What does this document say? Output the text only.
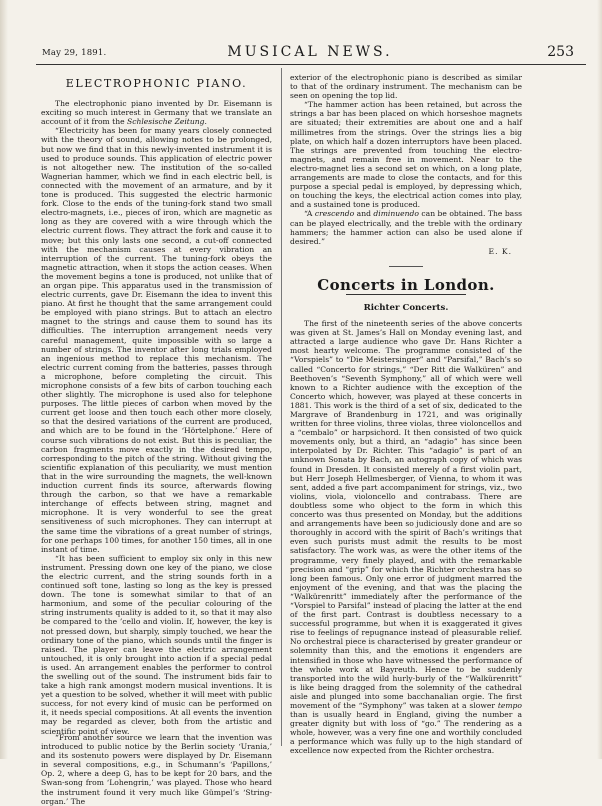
May 29, 1891.	MUSICAL NEWS.	253
ELECTROPHONIC PIANO.

The electrophonic piano invented by Dr. Eisemann is exciting so much interest in Germany that we translate an account of it from the Schlesische Zeitung.

“Electricity has been for many years closely connected with the theory of sound, allowing notes to be prolonged, but now we find that in this newly-invented instrument it is used to produce sounds. This application of electric power is not altogether new. The institution of the so-called Wagnerian hammer, which we find in each electric bell, is connected with the movement of an armature, and by it tone is produced. This suggested the electric harmonic fork. Close to the ends of the tuning-fork stand two small electro-magnets, i.e., pieces of iron, which are magnetic as long as they are covered with a wire through which the electric current flows. They attract the fork and cause it to move; but this only lasts one second, a cut-off connected with the mechanism causes at every vibration an interruption of the current. The tuning-fork obeys the magnetic attraction, when it stops the action ceases. When the movement begins a tone is produced, not unlike that of an organ pipe. This apparatus used in the transmission of electric currents, gave Dr. Eisemann the idea to invent this piano. At first he thought that the same arrangement could be employed with piano strings. But to attach an electro magnet to the strings and cause them to sound has its difficulties. The interruption arrangement needs very careful management, quite impossible with so large a number of strings. The inventor after long trials employed an ingenious method to replace this mechanism. The electric current coming from the batteries, passes through a microphone, before completing the circuit. This microphone consists of a few bits of carbon touching each other slightly. The microphone is used also for telephone purposes. The little pieces of carbon when moved by the current get loose and then touch each other more closely, so that the desired variations of the current are produced, and which are to be found in the ‘Hörtelphone.’ Here of course such vibrations do not exist. But this is peculiar, the carbon fragments move exactly in the desired tempo, corresponding to the pitch of the string. Without giving the scientific explanation of this peculiarity, we must mention that in the wire surrounding the magnets, the well-known induction current finds its source, afterwards flowing through the carbon, so that we have a remarkable interchange of effects between string, magnet and microphone. It is very wonderful to see the great sensitiveness of such microphones. They can interrupt at the same time the vibrations of a great number of strings, for one perhaps 100 times, for another 150 times, all in one instant of time.

“It has been sufficient to employ six only in this new instrument. Pressing down one key of the piano, we close the electric current, and the string sounds forth in a continued soft tone, lasting so long as the key is pressed down. The tone is somewhat similar to that of an harmonium, and some of the peculiar colouring of the string instruments quality is added to it, so that it may also be compared to the ’cello and violin. If, however, the key is not pressed down, but sharply, simply touched, we hear the ordinary tone of the piano, which sounds until the finger is raised. The player can leave the electric arrangement untouched, it is only brought into action if a special pedal is used. An arrangement enables the performer to control the swelling out of the sound. The instrument bids fair to take a high rank amongst modern musical inventions. It is yet a question to be solved, whether it will meet with public success, for not every kind of music can be performed on it, it needs special compositions. At all events the invention may be regarded as clever, both from the artistic and scientific point of view.

“From another source we learn that the invention was introduced to public notice by the Berlin society ‘Urania,’ and its sostenuto powers were displayed by Dr. Eisemann in several compositions, e.g., in Schumann’s ‘Papillons,’ Op. 2, where a deep G, has to be kept for 20 bars, and the Swan-song from ‘Lohengrin,’ was played. Those who heard the instrument found it very much like Gümpel’s ‘String-organ.’ The

exterior of the electrophonic piano is described as similar to that of the ordinary instrument. The mechanism can be seen on opening the top lid.

“The hammer action has been retained, but across the strings a bar has been placed on which horseshoe magnets are situated; their extremities are about one and a half millimetres from the strings. Over the strings lies a big plate, on which half a dozen interruptors have been placed. The strings are prevented from touching the electro-magnets, and remain free in movement. Near to the electro-magnet lies a second set on which, on a long plate, arrangements are made to close the contacts, and for this purpose a special pedal is employed, by depressing which, on touching the keys, the electrical action comes into play, and a sustained tone is produced.

“A crescendo and diminuendo can be obtained. The bass can be played electrically, and the treble with the ordinary hammers; the hammer action can also be used alone if desired.”

E. K.
Concerts in London.
Richter Concerts.

The first of the nineteenth series of the above concerts was given at St. James’s Hall on Monday evening last, and attracted a large audience who gave Dr. Hans Richter a most hearty welcome. The programme consisted of the “Vorspiels” to “Die Meistersinger” and “Parsifal,” Bach’s so called “Concerto for strings,” “Der Ritt die Walküren” and Beethoven’s “Seventh Symphony,” all of which were well known to a Richter audience with the exception of the Concerto which, however, was played at these concerts in 1881. This work is the third of a set of six, dedicated to the Margrave of Brandenburg in 1721, and was originally written for three violins, three violas, three violoncellos and a “cembalo” or harpsichord. It then consisted of two quick movements only, but a third, an “adagio” has since been interpolated by Dr. Richter. This “adagio” is part of an unknown Sonata by Bach, an autograph copy of which was found in Dresden. It consisted merely of a first violin part, but Herr Joseph Hellmesberger, of Vienna, to whom it was sent, added a five part accompaniment for strings, viz., two violins, viola, violoncello and contrabass. There are doubtless some who object to the form in which this concerto was thus presented on Monday, but the additions and arrangements have been so judiciously done and are so thoroughly in accord with the spirit of Bach’s writings that even such purists must admit the results to be most satisfactory. The work was, as were the other items of the programme, very finely played, and with the remarkable precision and “grip” for which the Richter orchestra has so long been famous. Only one error of judgment marred the enjoyment of the evening, and that was the placing the “Walkürenritt” immediately after the performance of the “Vorspiel to Parsifal” instead of placing the latter at the end of the first part. Contrast is doubtless necessary to a successful programme, but when it is exaggerated it gives rise to feelings of repugnance instead of pleasurable relief. No orchestral piece is characterised by greater grandeur or solemnity than this, and the emotions it engenders are intensified in those who have witnessed the performance of the whole work at Bayreuth. Hence to be suddenly transported into the wild hurly-burly of the “Walkürenritt” is like being dragged from the solemnity of the cathedral aisle and plunged into some bacchanalian orgie. The first movement of the “Symphony” was taken at a slower tempo than is usually heard in England, giving the number a greater dignity but with loss of “go.” The rendering as a whole, however, was a very fine one and worthily concluded a performance which was fully up to the high standard of excellence now expected from the Richter orchestra.
